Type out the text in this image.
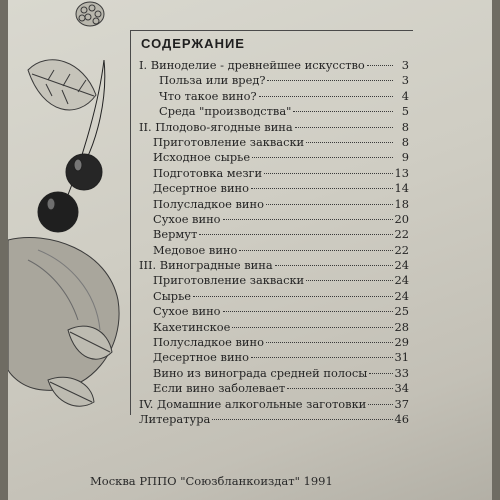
СОДЕРЖАНИЕ
I. Виноделие - древнейшее искусство	3
Польза или вред?	3
Что такое вино?	4
Среда "производства"	5
II. Плодово-ягодные вина	8
Приготовление закваски	8
Исходное сырье	9
Подготовка мезги	13
Десертное вино	14
Полусладкое вино	18
Сухое вино	20
Вермут	22
Медовое вино	22
III. Виноградные вина	24
Приготовление закваски	24
Сырье	24
Сухое вино	25
Кахетинское	28
Полусладкое вино	29
Десертное вино	31
Вино из винограда средней полосы 33
Если вино заболевает	34
IV. Домашние алкогольные заготовки 37
Литература	46
Москва РППО "Союзбланкоиздат" 1991
